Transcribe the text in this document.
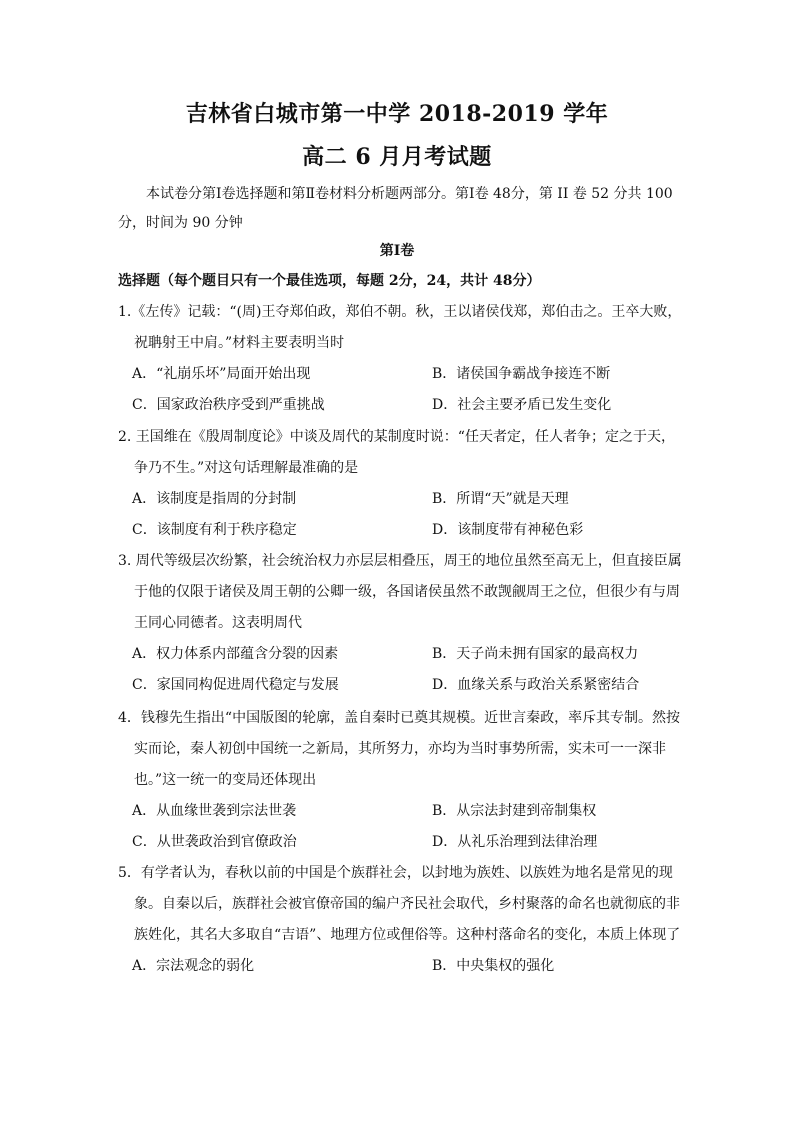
吉林省白城市第一中学 2018-2019 学年
高二 6 月月考试题
本试卷分第Ⅰ卷选择题和第Ⅱ卷材料分析题两部分。第Ⅰ卷 48分，第 II 卷 52 分共 100 分，时间为 90 分钟
第Ⅰ卷
选择题（每个题目只有一个最佳选项，每题 2分，24，共计 48分）
1.《左传》记载：“(周)王夺郑伯政，郑伯不朝。秋，王以诸侯伐郑，郑伯击之。王卒大败，祝聃射王中肩。”材料主要表明当时
A．“礼崩乐坏”局面开始出现	B．诸侯国争霸战争接连不断
C．国家政治秩序受到严重挑战	D．社会主要矛盾已发生变化
2. 王国维在《殷周制度论》中谈及周代的某制度时说：“任天者定，任人者争；定之于天，争乃不生。”对这句话理解最准确的是
A．该制度是指周的分封制	B．所谓“天”就是天理
C．该制度有利于秩序稳定	D．该制度带有神秘色彩
3. 周代等级层次纷繁，社会统治权力亦层层相叠压，周王的地位虽然至高无上，但直接臣属于他的仅限于诸侯及周王朝的公卿一级，各国诸侯虽然不敢觊觎周王之位，但很少有与周王同心同德者。这表明周代
A．权力体系内部蕴含分裂的因素	B．天子尚未拥有国家的最高权力
C．家国同构促进周代稳定与发展	D．血缘关系与政治关系紧密结合
4．钱穆先生指出“中国版图的轮廓，盖自秦时已奠其规模。近世言秦政，率斥其专制。然按实而论，秦人初创中国统一之新局，其所努力，亦均为当时事势所需，实未可一一深非也。”这一统一的变局还体现出
A．从血缘世袭到宗法世袭	B．从宗法封建到帝制集权
C．从世袭政治到官僚政治	D．从礼乐治理到法律治理
5．有学者认为，春秋以前的中国是个族群社会，以封地为族姓、以族姓为地名是常见的现象。自秦以后，族群社会被官僚帝国的编户齐民社会取代，乡村聚落的命名也就彻底的非族姓化，其名大多取自“吉语”、地理方位或俚俗等。这种村落命名的变化，本质上体现了
A．宗法观念的弱化	B．中央集权的强化
